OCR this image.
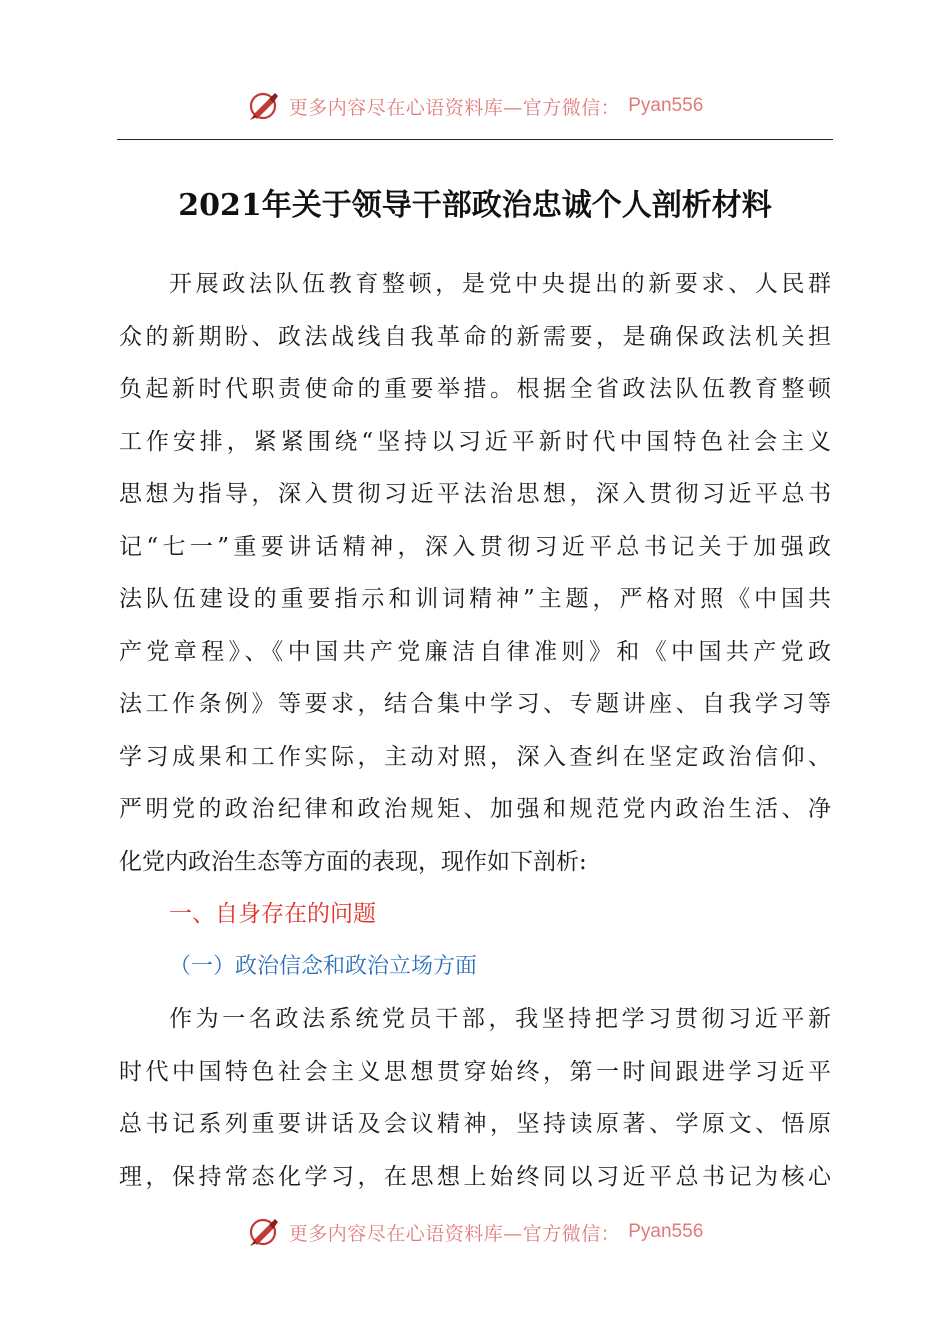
更多内容尽在心语资料库—官方微信： Pyan556
2021年关于领导干部政治忠诚个人剖析材料
开展政法队伍教育整顿，是党中央提出的新要求、人民群
众的新期盼、政法战线自我革命的新需要，是确保政法机关担
负起新时代职责使命的重要举措。根据全省政法队伍教育整顿
工作安排，紧紧围绕“坚持以习近平新时代中国特色社会主义
思想为指导，深入贯彻习近平法治思想，深入贯彻习近平总书
记“七一”重要讲话精神，深入贯彻习近平总书记关于加强政
法队伍建设的重要指示和训词精神”主题，严格对照《中国共
产党章程》、《中国共产党廉洁自律准则》和《中国共产党政
法工作条例》等要求，结合集中学习、专题讲座、自我学习等
学习成果和工作实际，主动对照，深入查纠在坚定政治信仰、
严明党的政治纪律和政治规矩、加强和规范党内政治生活、净
化党内政治生态等方面的表现，现作如下剖析:
一、自身存在的问题
（一）政治信念和政治立场方面
作为一名政法系统党员干部，我坚持把学习贯彻习近平新
时代中国特色社会主义思想贯穿始终，第一时间跟进学习近平
总书记系列重要讲话及会议精神，坚持读原著、学原文、悟原
理，保持常态化学习，在思想上始终同以习近平总书记为核心
更多内容尽在心语资料库—官方微信： Pyan556
